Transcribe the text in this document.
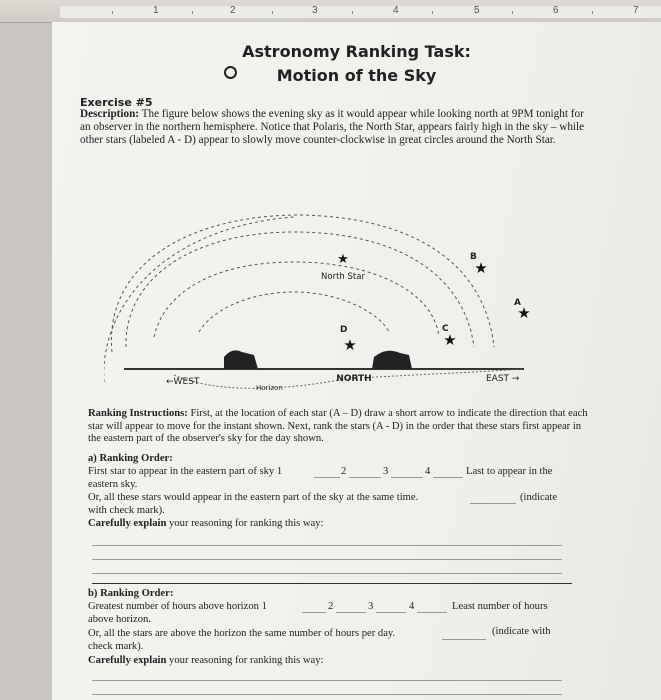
1	2	3	4	5	6	7
Astronomy Ranking Task:
Motion of the Sky
Exercise #5
Description: The figure below shows the evening sky as it would appear while looking north at 9PM tonight for an observer in the northern hemisphere. Notice that Polaris, the North Star, appears fairly high in the sky – while other stars (labeled A - D) appear to slowly move counter-clockwise in great circles around the North Star.
★
North Star	★
B
★
A
★
C
★
D
←WEST	NORTH	EAST →
Horizon
Ranking Instructions: First, at the location of each star (A – D) draw a short arrow to indicate the direction that each star will appear to move for the instant shown. Next, rank the stars (A - D) in the order that these stars first appear in the eastern part of the observer's sky for the day shown.
a) Ranking Order:
First star to appear in the eastern part of sky 1	2	3	4	Last to appear in the
eastern sky.
Or, all these stars would appear in the eastern part of the sky at the same time.	(indicate
with check mark).
Carefully explain your reasoning for ranking this way:
b) Ranking Order:
Greatest number of hours above horizon 1	2	3	4	Least number of hours
above horizon.
Or, all the stars are above the horizon the same number of hours per day.	(indicate with
check mark).
Carefully explain your reasoning for ranking this way:
